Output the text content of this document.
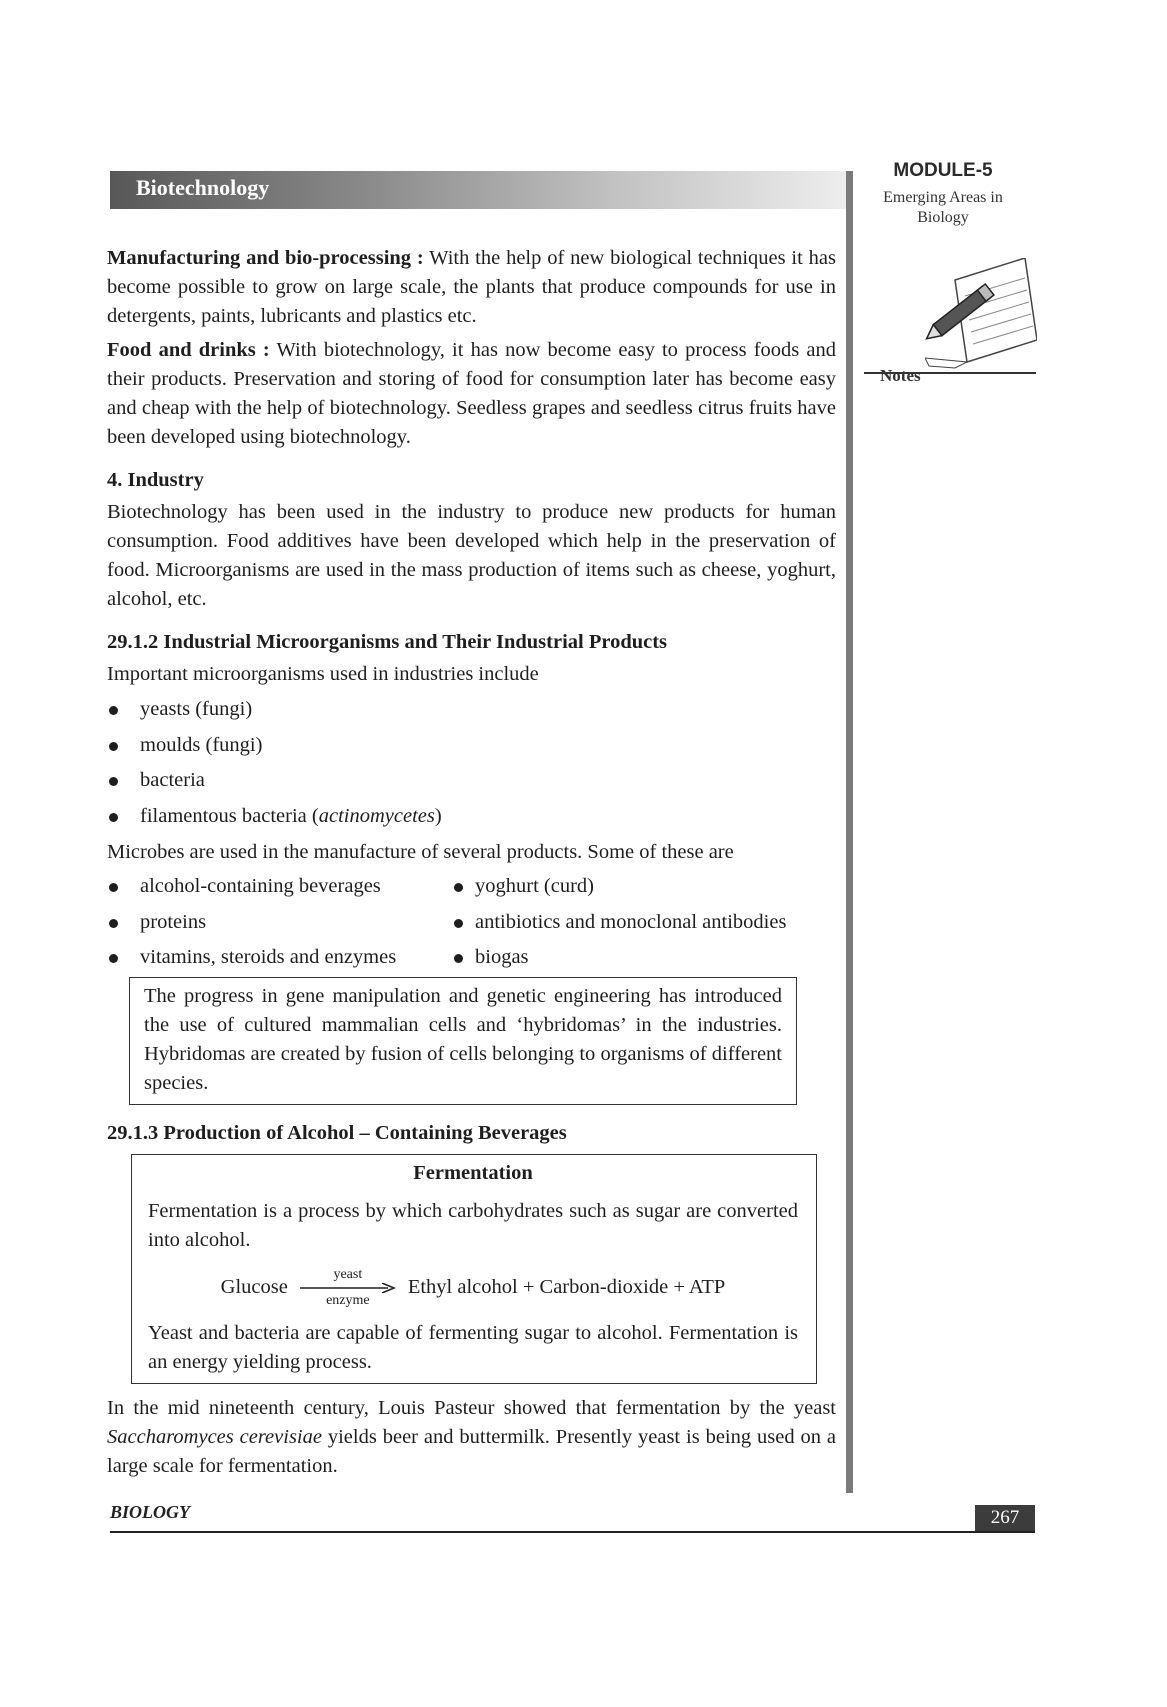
Biotechnology
MODULE-5
Emerging Areas in Biology
Notes

Manufacturing and bio-processing : With the help of new biological techniques it has become possible to grow on large scale, the plants that produce compounds for use in detergents, paints, lubricants and plastics etc.

Food and drinks : With biotechnology, it has now become easy to process foods and their products. Preservation and storing of food for consumption later has become easy and cheap with the help of biotechnology. Seedless grapes and seedless citrus fruits have been developed using biotechnology.

4. Industry

Biotechnology has been used in the industry to produce new products for human consumption. Food additives have been developed which help in the preservation of food. Microorganisms are used in the mass production of items such as cheese, yoghurt, alcohol, etc.

29.1.2 Industrial Microorganisms and Their Industrial Products

Important microorganisms used in industries include

yeasts (fungi)
moulds (fungi)
bacteria
filamentous bacteria (actinomycetes)

Microbes are used in the manufacture of several products. Some of these are

alcohol-containing beverages
proteins
vitamins, steroids and enzymes
yoghurt (curd)
antibiotics and monoclonal antibodies
biogas
The progress in gene manipulation and genetic engineering has introduced the use of cultured mammalian cells and ‘hybridomas’ in the industries. Hybridomas are created by fusion of cells belonging to organisms of different species.
29.1.3 Production of Alcohol – Containing Beverages
Fermentation

Fermentation is a process by which carbohydrates such as sugar are converted into alcohol.

Glucose
yeast
enzyme
Ethyl alcohol + Carbon-dioxide + ATP

Yeast and bacteria are capable of fermenting sugar to alcohol. Fermentation is an energy yielding process.

In the mid nineteenth century, Louis Pasteur showed that fermentation by the yeast Saccharomyces cerevisiae yields beer and buttermilk. Presently yeast is being used on a large scale for fermentation.

BIOLOGY	267
